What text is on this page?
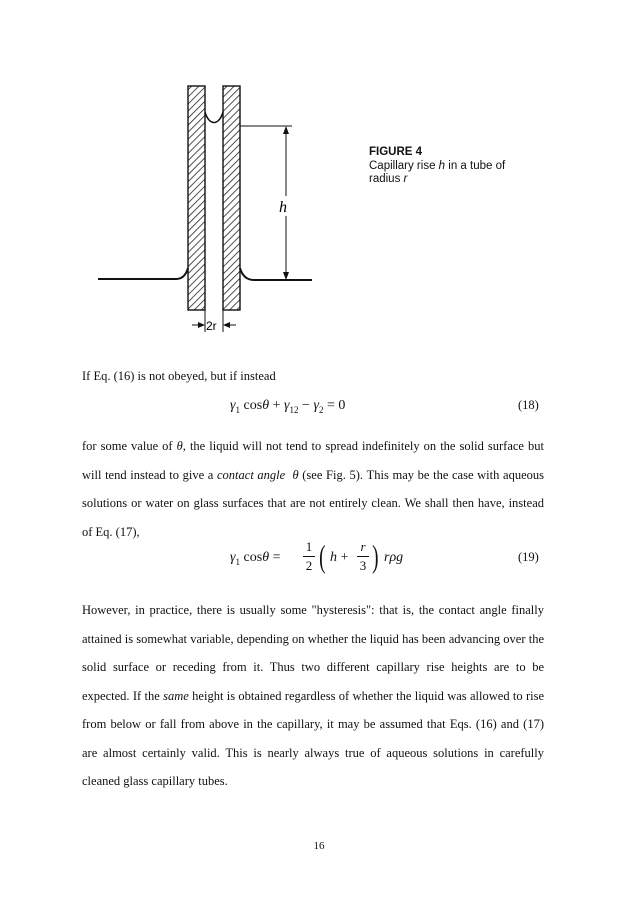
h
2r
FIGURE 4
Capillary rise h in a tube of radius r

If Eq. (16) is not obeyed, but if instead

$\gamma_1$ $\cos\theta + \gamma_{12} - \gamma_2 = 0$	(18)

for some value of θ, the liquid will not tend to spread indefinitely on the solid surface but will tend instead to give a contact angle θ (see Fig. 5). This may be the case with aqueous solutions or water on glass surfaces that are not entirely clean. We shall then have, instead of Eq. (17),

$\gamma_1$ cosθ =
1
2 ( h +
r
3 ) rρg	(19)

However, in practice, there is usually some "hysteresis": that is, the contact angle finally attained is somewhat variable, depending on whether the liquid has been advancing over the solid surface or receding from it. Thus two different capillary rise heights are to be expected. If the same height is obtained regardless of whether the liquid was allowed to rise from below or fall from above in the capillary, it may be assumed that Eqs. (16) and (17) are almost certainly valid. This is nearly always true of aqueous solutions in carefully cleaned glass capillary tubes.

16
